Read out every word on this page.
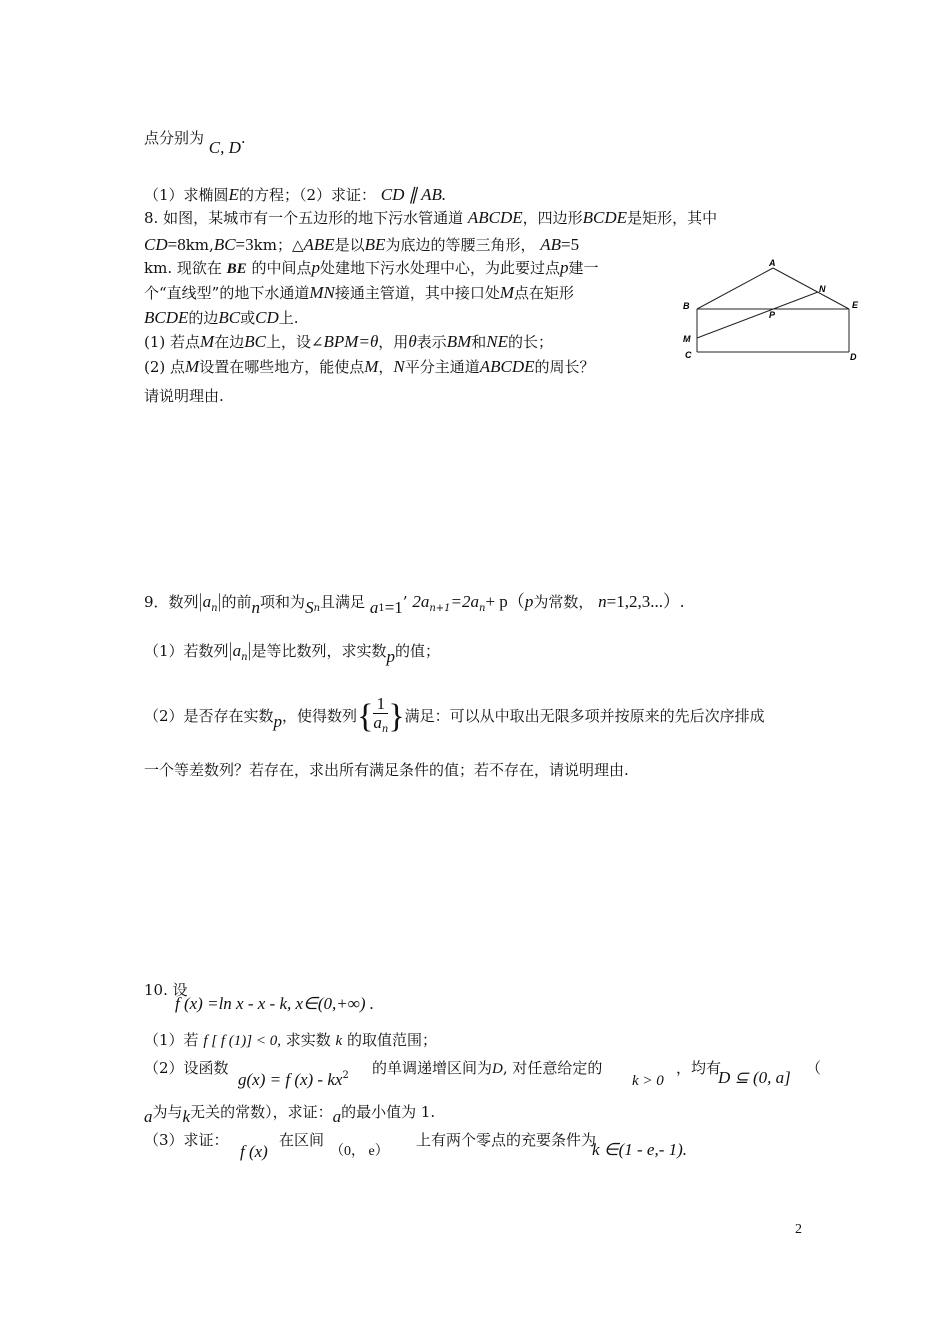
点分别为 C, D.
（1）求椭圆E的方程；（2）求证： CD ∥ AB.
8. 如图，某城市有一个五边形的地下污水管通道 ABCDE，四边形BCDE是矩形，其中
CD=8km,BC=3km；△ABE是以BE为底边的等腰三角形， AB=5
km. 现欲在 BE 的中间点p处建地下污水处理中心，为此要过点p建一
个“直线型”的地下水通道MN接通主管道，其中接口处M点在矩形
BCDE的边BC或CD上.
(1) 若点M在边BC上，设∠BPM=θ，用θ表示BM和NE的长；
(2) 点M设置在哪些地方，能使点M，N平分主通道ABCDE的周长？
请说明理由.
A
N
B	E
P
M
C	D
9．数列$|a_n|$的前n项和为$S_n$且满足 $a_1=1$’ $2a_{n+1}=2a_n+ p(p$为常数， n=1,2,3...）.
（1）若数列$|a_n|$是等比数列，求实数p的值；
（2）是否存在实数p，使得数列{ $\frac{1}{a_n}$ }满足：可以从中取出无限多项并按原来的先后次序排成
一个等差数列？若存在，求出所有满足条件的值；若不存在，请说明理由.
10. 设
f (x) =ln x - x - k, x∈(0,+∞) .
（1）若 f [ f (1)] < 0, 求实数 k 的取值范围；
（2）设函数
g(x) = f $(x) - kx^2$ 的单调递增区间为D, 对任意给定的
k > 0
，均有
D ⊆ (0, a] （
a为与k无关的常数），求证：a的最小值为 1.
（3）求证：
f (x)
在区间
（0， e）
上有两个零点的充要条件为
k ∈(1 - e,- 1).
2
